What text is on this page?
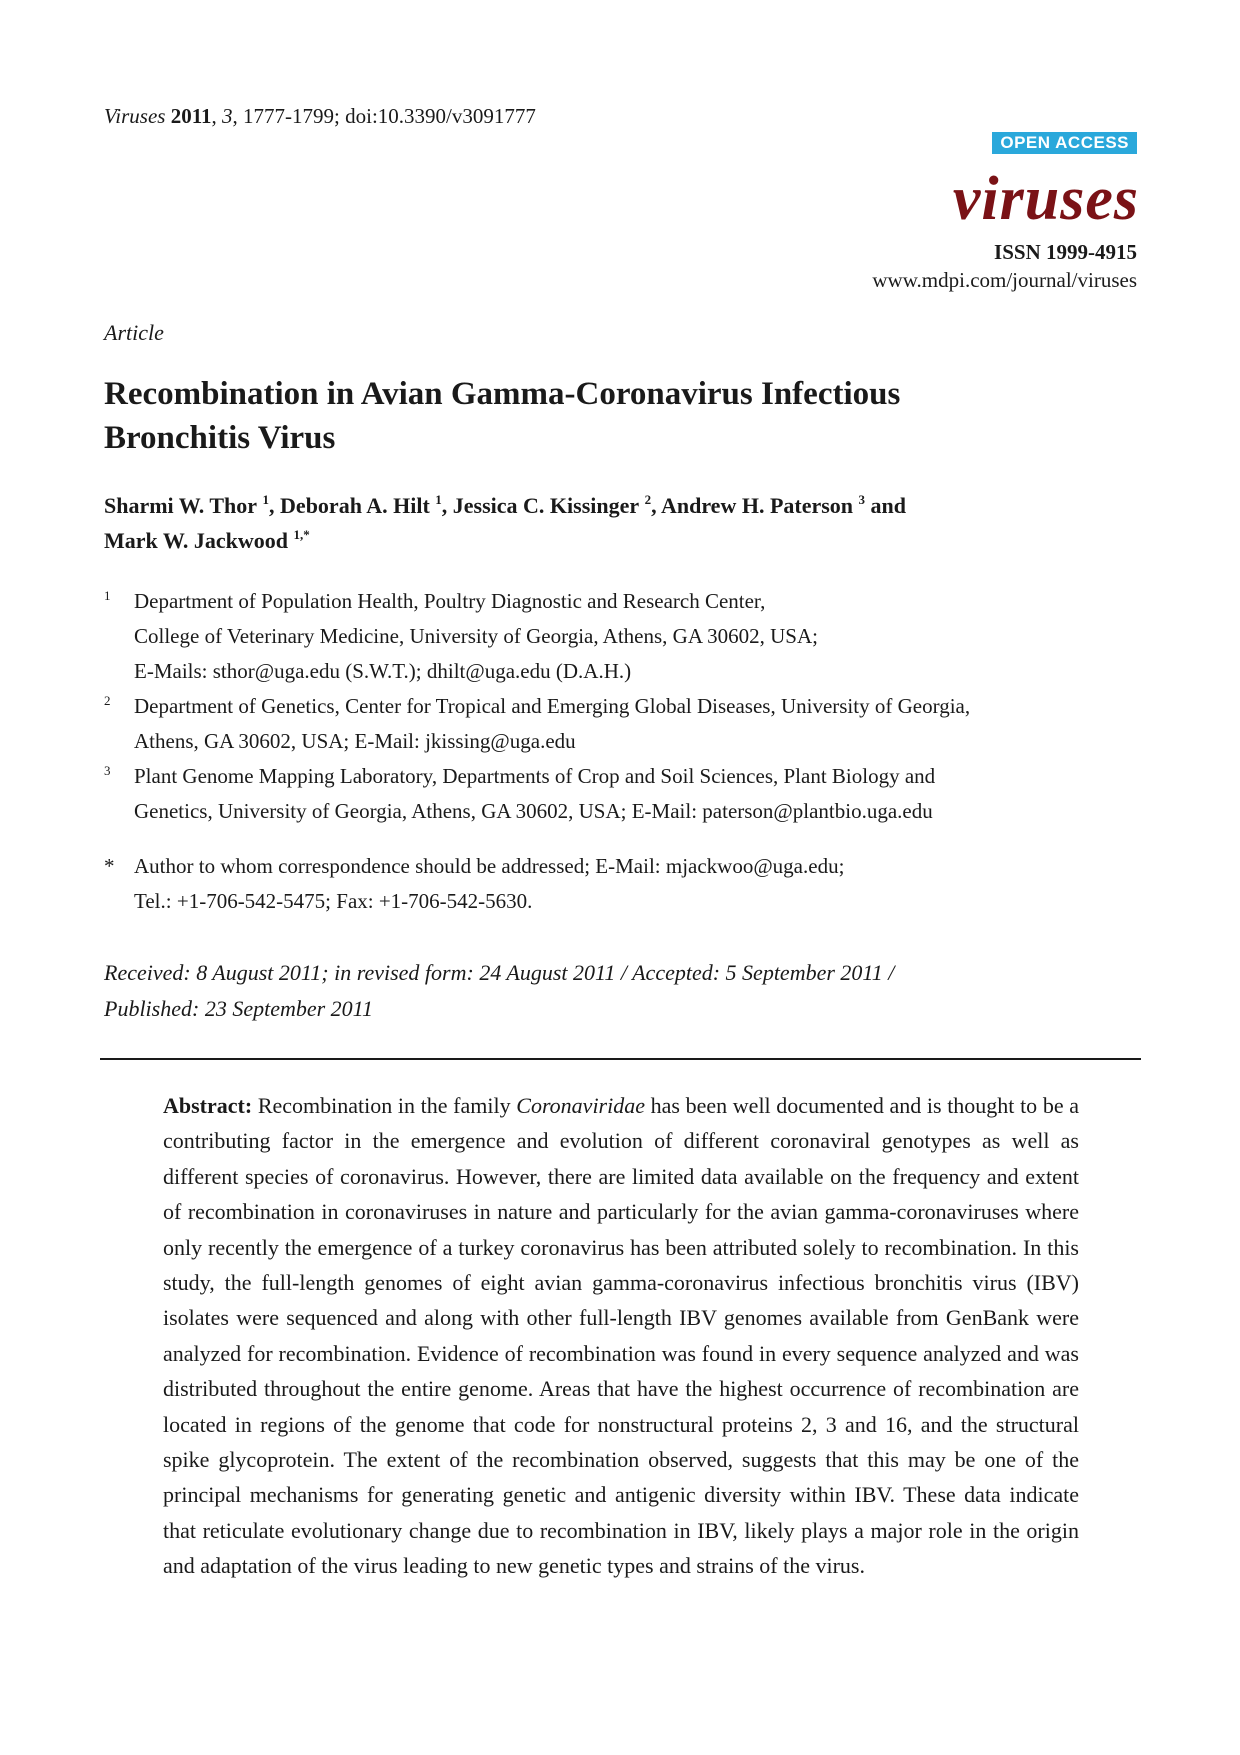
Viruses 2011, 3, 1777-1799; doi:10.3390/v3091777
OPEN ACCESS
viruses
ISSN 1999-4915
www.mdpi.com/journal/viruses
Article
Recombination in Avian Gamma-Coronavirus Infectious
Bronchitis Virus
Sharmi W. Thor $^1$, Deborah A. Hilt $^1$, Jessica C. Kissinger $^2$, Andrew H. Paterson $^3$ and
Mark W. Jackwood $^{1,*}$
1 Department of Population Health, Poultry Diagnostic and Research Center,
College of Veterinary Medicine, University of Georgia, Athens, GA 30602, USA;
E-Mails: sthor@uga.edu (S.W.T.); dhilt@uga.edu (D.A.H.)
2 Department of Genetics, Center for Tropical and Emerging Global Diseases, University of Georgia,
Athens, GA 30602, USA; E-Mail: jkissing@uga.edu
3 Plant Genome Mapping Laboratory, Departments of Crop and Soil Sciences, Plant Biology and
Genetics, University of Georgia, Athens, GA 30602, USA; E-Mail: paterson@plantbio.uga.edu
* Author to whom correspondence should be addressed; E-Mail: mjackwoo@uga.edu;
Tel.: +1-706-542-5475; Fax: +1-706-542-5630.
Received: 8 August 2011; in revised form: 24 August 2011 / Accepted: 5 September 2011 /
Published: 23 September 2011
Abstract: Recombination in the family Coronaviridae has been well documented and is thought to be a contributing factor in the emergence and evolution of different coronaviral genotypes as well as different species of coronavirus. However, there are limited data available on the frequency and extent of recombination in coronaviruses in nature and particularly for the avian gamma-coronaviruses where only recently the emergence of a turkey coronavirus has been attributed solely to recombination. In this study, the full-length genomes of eight avian gamma-coronavirus infectious bronchitis virus (IBV) isolates were sequenced and along with other full-length IBV genomes available from GenBank were analyzed for recombination. Evidence of recombination was found in every sequence analyzed and was distributed throughout the entire genome. Areas that have the highest occurrence of recombination are located in regions of the genome that code for nonstructural proteins 2, 3 and 16, and the structural spike glycoprotein. The extent of the recombination observed, suggests that this may be one of the principal mechanisms for generating genetic and antigenic diversity within IBV. These data indicate that reticulate evolutionary change due to recombination in IBV, likely plays a major role in the origin and adaptation of the virus leading to new genetic types and strains of the virus.
